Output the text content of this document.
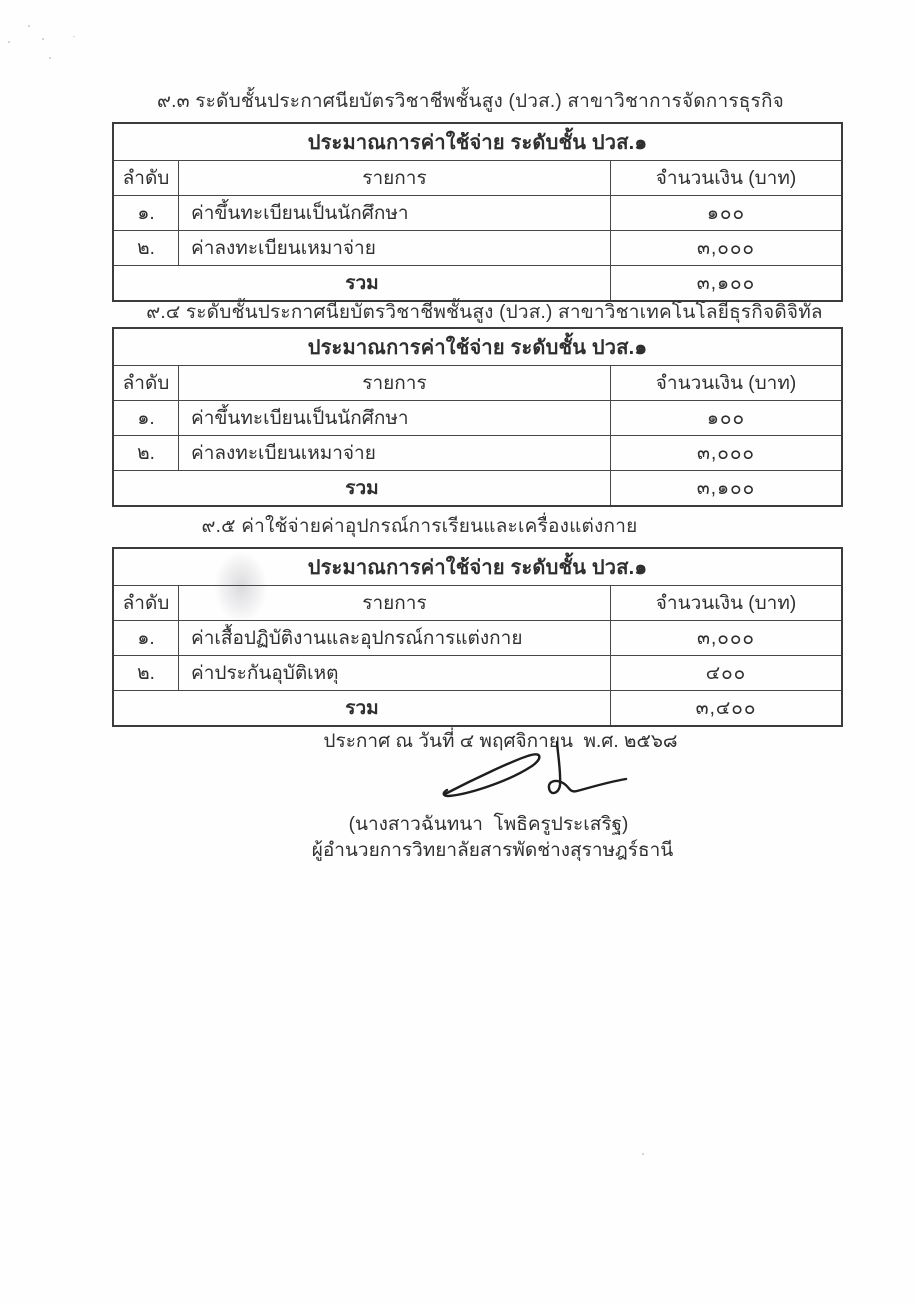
๙.๓ ระดับชั้นประกาศนียบัตรวิชาชีพชั้นสูง (ปวส.) สาขาวิชาการจัดการธุรกิจ
ประมาณการค่าใช้จ่าย ระดับชั้น ปวส.๑
ลำดับ	รายการ	จำนวนเงิน (บาท)
๑.	ค่าขึ้นทะเบียนเป็นนักศึกษา	๑๐๐
๒.	ค่าลงทะเบียนเหมาจ่าย	๓,๐๐๐
รวม	๓,๑๐๐
๙.๔ ระดับชั้นประกาศนียบัตรวิชาชีพชั้นสูง (ปวส.) สาขาวิชาเทคโนโลยีธุรกิจดิจิทัล
ประมาณการค่าใช้จ่าย ระดับชั้น ปวส.๑
ลำดับ	รายการ	จำนวนเงิน (บาท)
๑.	ค่าขึ้นทะเบียนเป็นนักศึกษา	๑๐๐
๒.	ค่าลงทะเบียนเหมาจ่าย	๓,๐๐๐
รวม	๓,๑๐๐
๙.๕ ค่าใช้จ่ายค่าอุปกรณ์การเรียนและเครื่องแต่งกาย
ประมาณการค่าใช้จ่าย ระดับชั้น ปวส.๑
ลำดับ	รายการ	จำนวนเงิน (บาท)
๑.	ค่าเสื้อปฏิบัติงานและอุปกรณ์การแต่งกาย	๓,๐๐๐
๒.	ค่าประกันอุบัติเหตุ	๔๐๐
รวม	๓,๔๐๐
ประกาศ ณ วันที่ ๔ พฤศจิกายน  พ.ศ. ๒๕๖๘
(นางสาวฉันทนา  โพธิครูประเสริฐ)
ผู้อำนวยการวิทยาลัยสารพัดช่างสุราษฎร์ธานี
